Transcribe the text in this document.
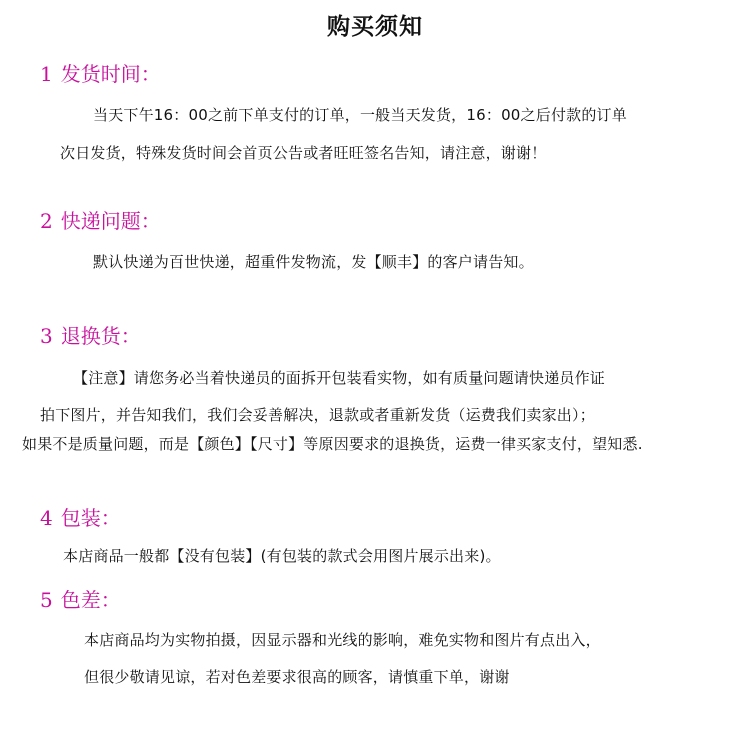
购买须知
1 发货时间：
当天下午16：00之前下单支付的订单，一般当天发货，16：00之后付款的订单
次日发货，特殊发货时间会首页公告或者旺旺签名告知，请注意，谢谢！
2 快递问题：
默认快递为百世快递，超重件发物流，发【顺丰】的客户请告知。
3 退换货：
【注意】请您务必当着快递员的面拆开包装看实物，如有质量问题请快递员作证
拍下图片，并告知我们，我们会妥善解决，退款或者重新发货（运费我们卖家出）；
如果不是质量问题，而是【颜色】【尺寸】等原因要求的退换货，运费一律买家支付，望知悉.
4 包装：
本店商品一般都【没有包装】(有包装的款式会用图片展示出来)。
5 色差：
本店商品均为实物拍摄，因显示器和光线的影响，难免实物和图片有点出入，
但很少敬请见谅，若对色差要求很高的顾客，请慎重下单，谢谢
